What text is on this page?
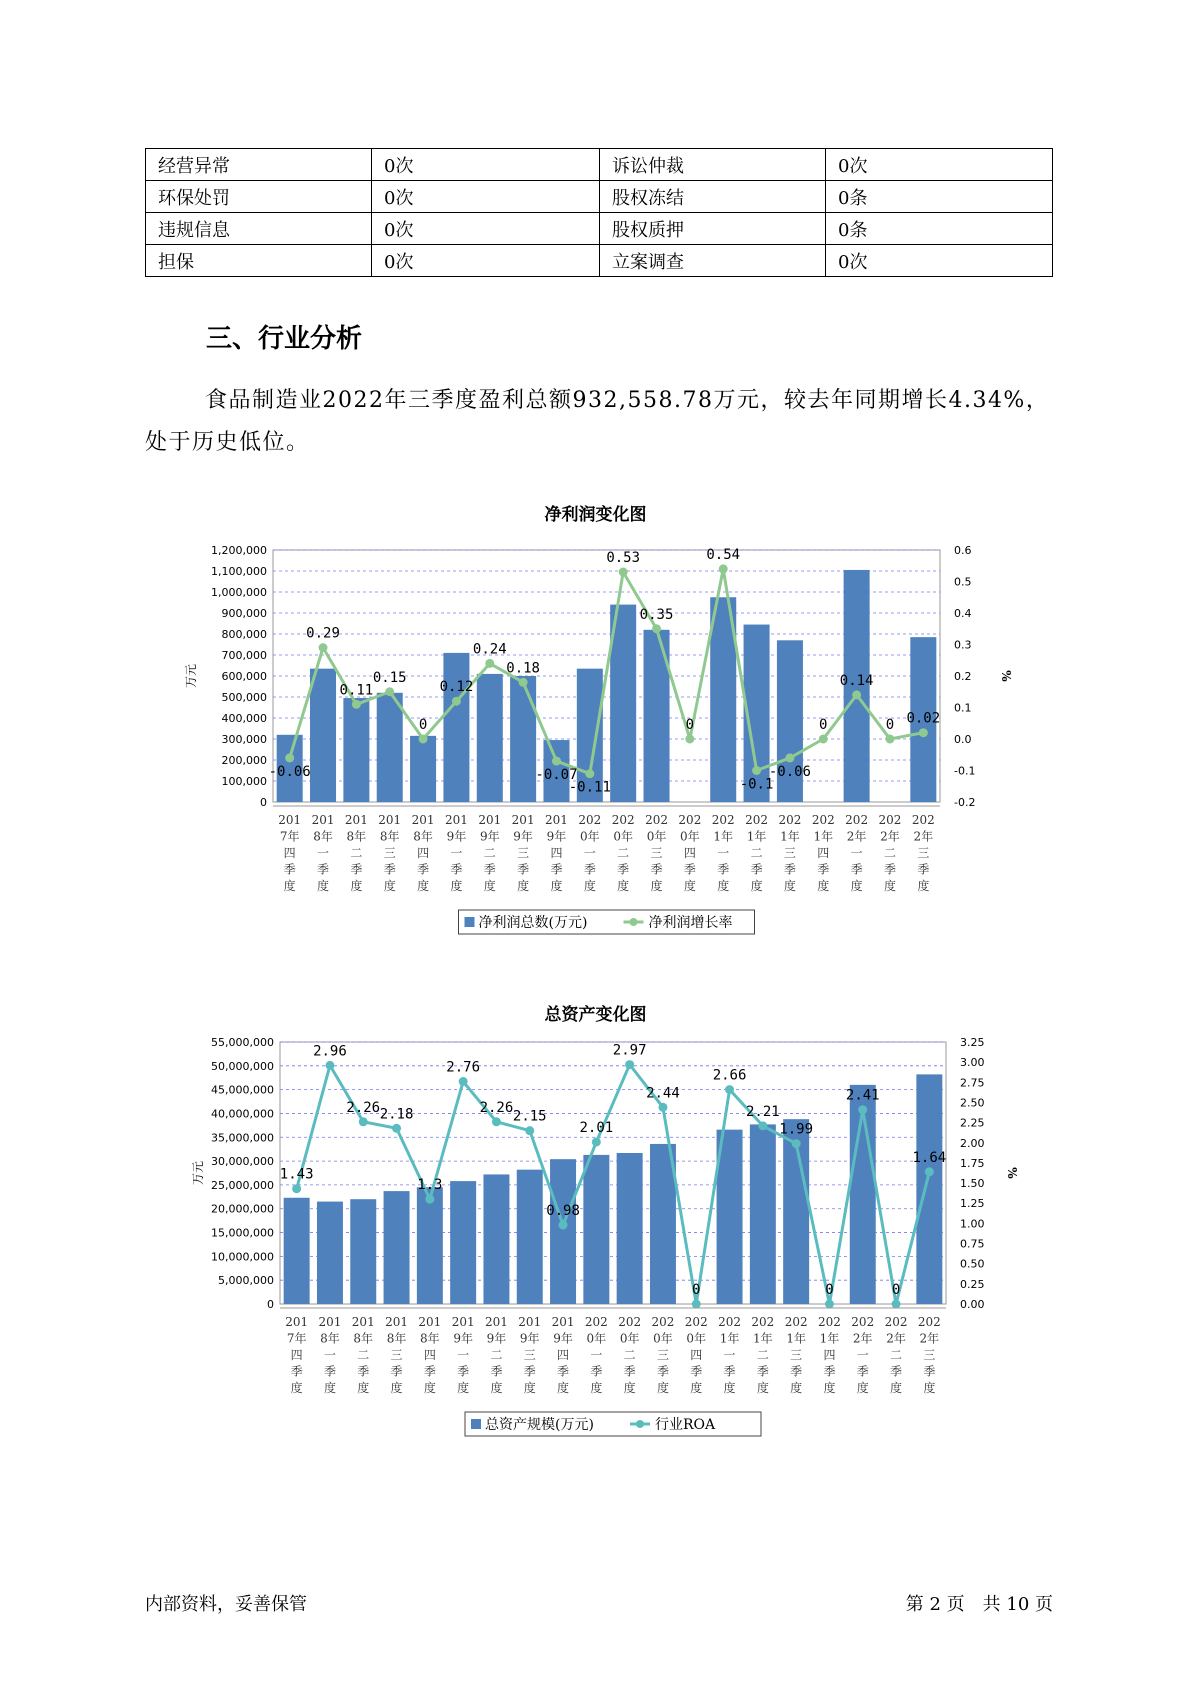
经营异常	0次	诉讼仲裁	0次
环保处罚	0次	股权冻结	0条
违规信息	0次	股权质押	0条
担保	0次	立案调查	0次
三、行业分析

食品制造业2022年三季度盈利总额932,558.78万元，较去年同期增长4.34%，处于历史低位。

净利润变化图
0
100,000
200,000
300,000
400,000
500,000
600,000
700,000
800,000
900,000
1,000,000
1,100,000
1,200,000
-0.2
-0.1
0.0
0.1
0.2
0.3
0.4
0.5
0.6
万元	%
-0.06
0.29
0.11
0.15
0
0.12
0.24
0.18
-0.07
-0.11
0.53
0.35
0
0.54
-0.1
-0.06
0
0.14
0 0.02
201 7年四季度
201 8年一季度
201 8年二季度
201 8年三季度
201 8年四季度
201 9年一季度
201 9年二季度
201 9年三季度
201 9年四季度
202 0年一季度
202 0年二季度
202 0年三季度
202 0年四季度
202 1年一季度
202 1年二季度
202 1年三季度
202 1年四季度
202 2年一季度
202 2年二季度
202 2年三季度
净利润总数(万元)	净利润增长率
总资产变化图
0
5,000,000
10,000,000
15,000,000
20,000,000
25,000,000
30,000,000
35,000,000
40,000,000
45,000,000
50,000,000
55,000,000
0.00
0.25
0.50
0.75
1.00
1.25
1.50
1.75
2.00
2.25
2.50
2.75
3.00
3.25
万元	%
1.43
2.96
2.26 2.18
1.3
2.76
2.26
2.15
0.98
2.01
2.97
2.44
0
2.66
2.21
1.99
0
2.41
0
1.64
201 7年四季度
201 8年一季度
201 8年二季度
201 8年三季度
201 8年四季度
201 9年一季度
201 9年二季度
201 9年三季度
201 9年四季度
202 0年一季度
202 0年二季度
202 0年三季度
202 0年四季度
202 1年一季度
202 1年二季度
202 1年三季度
202 1年四季度
202 2年一季度
202 2年二季度
202 2年三季度
总资产规模(万元)	行业ROA
内部资料，妥善保管	第 2 页　共 10 页
